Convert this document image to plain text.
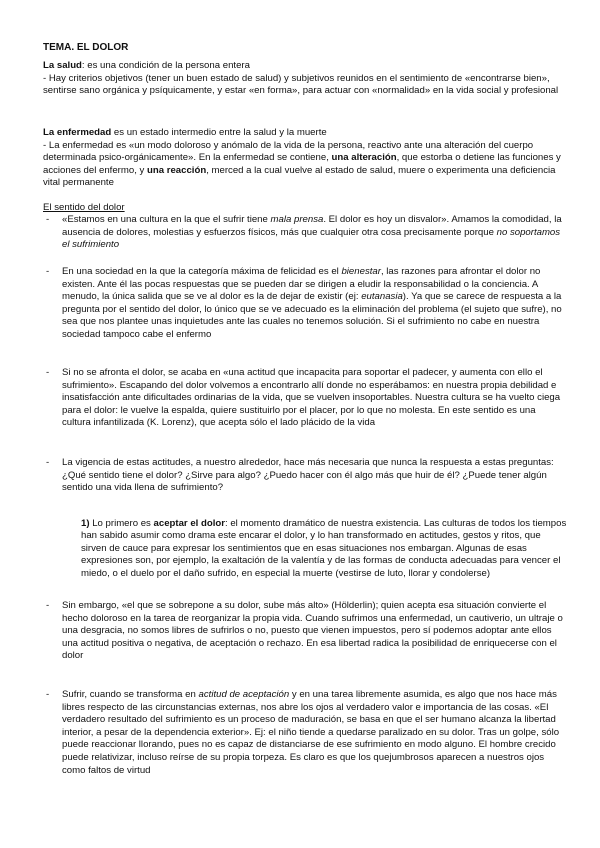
TEMA. EL DOLOR

La salud: es una condición de la persona entera

- Hay criterios objetivos (tener un buen estado de salud) y subjetivos reunidos en el sentimiento de «encontrarse bien», sentirse sano orgánica y psíquicamente, y estar «en forma», para actuar con «normalidad» en la vida social y profesional

La enfermedad es un estado intermedio entre la salud y la muerte

- La enfermedad es «un modo doloroso y anómalo de la vida de la persona, reactivo ante una alteración del cuerpo determinada psico-orgánicamente». En la enfermedad se contiene, una alteración, que estorba o detiene las funciones y acciones del enfermo, y una reacción, merced a la cual vuelve al estado de salud, muere o experimenta una deficiencia vital permanente

El sentido del dolor
- «Estamos en una cultura en la que el sufrir tiene mala prensa. El dolor es hoy un disvalor». Amamos la comodidad, la ausencia de dolores, molestias y esfuerzos físicos, más que cualquier otra cosa precisamente porque no soportamos el sufrimiento

- En una sociedad en la que la categoría máxima de felicidad es el bienestar, las razones para afrontar el dolor no existen. Ante él las pocas respuestas que se pueden dar se dirigen a eludir la responsabilidad o la conciencia. A menudo, la única salida que se ve al dolor es la de dejar de existir (ej: eutanasia). Ya que se carece de respuesta a la pregunta por el sentido del dolor, lo único que se ve adecuado es la eliminación del problema (el sujeto que sufre), no sea que nos plantee unas inquietudes ante las cuales no tenemos solución. Si el sufrimiento no cabe en nuestra sociedad tampoco cabe el enfermo

- Si no se afronta el dolor, se acaba en «una actitud que incapacita para soportar el padecer, y aumenta con ello el sufrimiento». Escapando del dolor volvemos a encontrarlo allí donde no esperábamos: en nuestra propia debilidad e insatisfacción ante dificultades ordinarias de la vida, que se vuelven insoportables. Nuestra cultura se ha vuelto ciega para el dolor: le vuelve la espalda, quiere sustituirlo por el placer, por lo que no molesta. En este sentido es una cultura infantilizada (K. Lorenz), que acepta sólo el lado plácido de la vida

- La vigencia de estas actitudes, a nuestro alrededor, hace más necesaria que nunca la respuesta a estas preguntas: ¿Qué sentido tiene el dolor? ¿Sirve para algo? ¿Puedo hacer con él algo más que huir de él? ¿Puede tener algún sentido una vida llena de sufrimiento?

1) Lo primero es aceptar el dolor: el momento dramático de nuestra existencia. Las culturas de todos los tiempos han sabido asumir como drama este encarar el dolor, y lo han transformado en actitudes, gestos y ritos, que sirven de cauce para expresar los sentimientos que en esas situaciones nos embargan. Algunas de esas expresiones son, por ejemplo, la exaltación de la valentía y de las formas de conducta adecuadas para vencer el miedo, o el duelo por el daño sufrido, en especial la muerte (vestirse de luto, llorar y condolerse)

- Sin embargo, «el que se sobrepone a su dolor, sube más alto» (Hölderlin); quien acepta esa situación convierte el hecho doloroso en la tarea de reorganizar la propia vida. Cuando sufrimos una enfermedad, un cautiverio, un ultraje o una desgracia, no somos libres de sufrirlos o no, puesto que vienen impuestos, pero sí podemos adoptar ante ellos una actitud positiva o negativa, de aceptación o rechazo. En esa libertad radica la posibilidad de enriquecerse con el dolor

- Sufrir, cuando se transforma en actitud de aceptación y en una tarea libremente asumida, es algo que nos hace más libres respecto de las circunstancias externas, nos abre los ojos al verdadero valor e importancia de las cosas. «El verdadero resultado del sufrimiento es un proceso de maduración, se basa en que el ser humano alcanza la libertad interior, a pesar de la dependencia exterior». Ej: el niño tiende a quedarse paralizado en su dolor. Tras un golpe, sólo puede reaccionar llorando, pues no es capaz de distanciarse de ese sufrimiento en modo alguno. El hombre crecido puede relativizar, incluso reírse de su propia torpeza. Es claro es que los quejumbrosos aparecen a nuestros ojos como faltos de virtud
